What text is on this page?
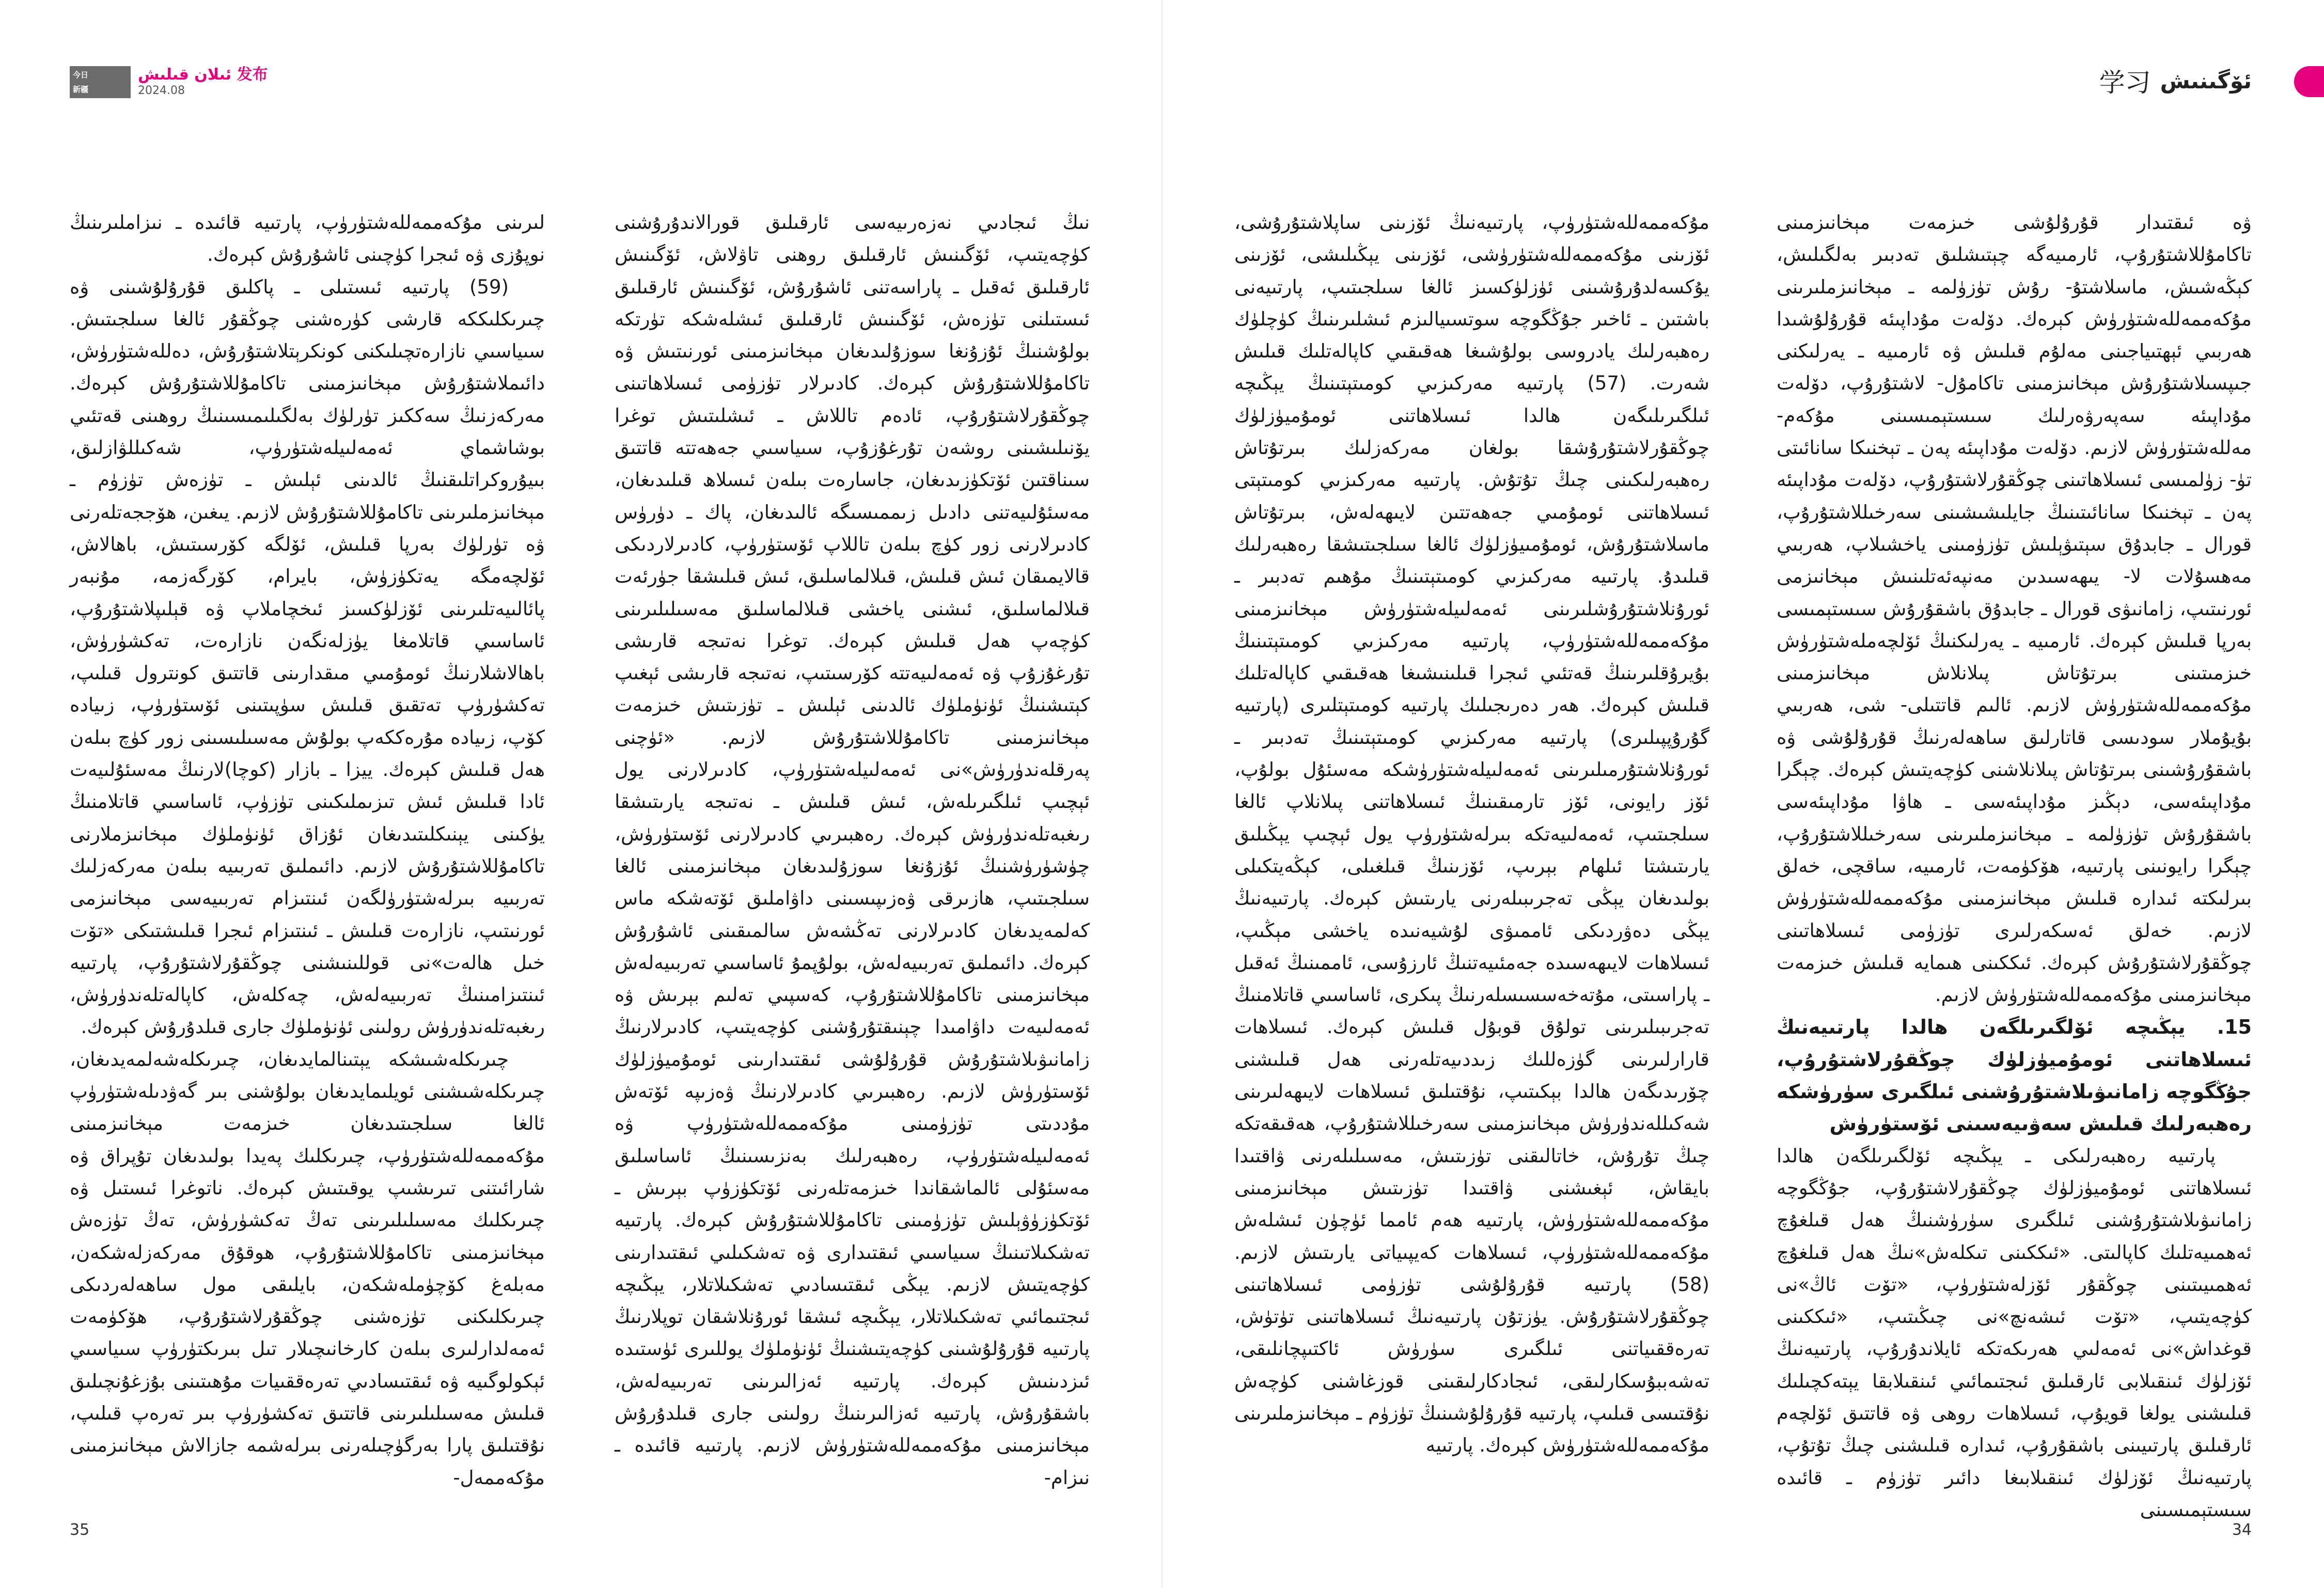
今日
新疆
ئىلان قىلىش 发布
2024.08

نىڭ ئىجادىي نەزەرىيەسى ئارقىلىق قورالاندۇرۇشنى كۈچەيتىپ، ئۆگىنىش ئارقىلىق روھنى تاۋلاش، ئۆگىنىش ئارقىلىق ئەقىل ـ پاراسەتنى ئاشۇرۇش، ئۆگىنىش ئارقىلىق ئىستىلنى تۈزەش، ئۆگىنىش ئارقىلىق ئىشلەشكە تۈرتكە بولۇشنىڭ ئۇزۇنغا سوزۇلىدىغان مېخانىزمىنى ئورنىتىش ۋە تاكامۇللاشتۇرۇش كېرەك. كادىرلار تۈزۈمى ئىسلاھاتىنى چوڭقۇرلاشتۇرۇپ، ئادەم تاللاش ـ ئىشلىتىش توغرا يۆنىلىشىنى روشەن تۇرغۇزۇپ، سىياسىي جەھەتتە قاتتىق سىناقتىن ئۆتكۈزىدىغان، جاسارەت بىلەن ئىسلاھ قىلىدىغان، مەسئۇلىيەتنى دادىل زىممىسىگە ئالىدىغان، پاك ـ دۈرۈس كادىرلارنى زور كۈچ بىلەن تاللاپ ئۆستۈرۈپ، كادىرلاردىكى قالايمىقان ئىش قىلىش، قىلالماسلىق، ئىش قىلىشقا جۈرئەت قىلالماسلىق، ئىشنى ياخشى قىلالماسلىق مەسىلىلىرىنى كۈچەپ ھەل قىلىش كېرەك. توغرا نەتىجە قارىشى تۇرغۇزۇپ ۋە ئەمەلىيەتتە كۆرسىتىپ، نەتىجە قارىشى ئېغىپ كېتىشنىڭ ئۈنۈملۈك ئالدىنى ئېلىش ـ تۈزىتىش خىزمەت مېخانىزمىنى تاكامۇللاشتۇرۇش لازىم. «ئۈچنى پەرقلەندۈرۈش»نى ئەمەلىيلەشتۈرۈپ، كادىرلارنى يول ئېچىپ ئىلگىرىلەش، ئىش قىلىش ـ نەتىجە يارىتىشقا رىغبەتلەندۈرۈش كېرەك. رەھبىرىي كادىرلارنى ئۆستۈرۈش، چۈشۈرۈشنىڭ ئۇزۇنغا سوزۇلىدىغان مېخانىزمىنى ئالغا سىلجىتىپ، ھازىرقى ۋەزىپىسىنى داۋاملىق ئۆتەشكە ماس كەلمەيدىغان كادىرلارنى تەڭشەش سالمىقىنى ئاشۇرۇش كېرەك. دائىملىق تەربىيەلەش، بولۇپمۇ ئاساسىي تەربىيەلەش مېخانىزمىنى تاكامۇللاشتۇرۇپ، كەسپىي تەلىم بېرىش ۋە ئەمەلىيەت داۋامىدا چېنىقتۇرۇشنى كۈچەيتىپ، كادىرلارنىڭ زامانىۋىلاشتۇرۇش قۇرۇلۇشى ئىقتىدارىنى ئومۇميۈزلۈك ئۆستۈرۈش لازىم. رەھبىرىي كادىرلارنىڭ ۋەزىپە ئۆتەش مۇددىتى تۈزۈمىنى مۇكەممەللەشتۈرۈپ ۋە ئەمەلىيلەشتۈرۈپ، رەھبەرلىك بەنزىسىنىڭ ئاساسلىق مەسئۇلى ئالماشقاندا خىزمەتلەرنى ئۆتكۈزۈپ بېرىش ـ ئۆتكۈزۈۋېلىش تۈزۈمىنى تاكامۇللاشتۇرۇش كېرەك. پارتىيە تەشكىلاتىنىڭ سىياسىي ئىقتىدارى ۋە تەشكىلىي ئىقتىدارىنى كۈچەيتىش لازىم. يېڭى ئىقتىسادىي تەشكىلاتلار، يېڭىچە ئىجتىمائىي تەشكىلاتلار، يېڭىچە ئىشقا ئورۇنلاشقان توپلارنىڭ پارتىيە قۇرۇلۇشىنى كۈچەيتىشنىڭ ئۈنۈملۈك يوللىرى ئۈستىدە ئىزدىنىش كېرەك. پارتىيە ئەزالىرىنى تەربىيەلەش، باشقۇرۇش، پارتىيە ئەزالىرىنىڭ رولىنى جارى قىلدۇرۇش مېخانىزمىنى مۇكەممەللەشتۈرۈش لازىم. پارتىيە قائىدە ـ نىزام-

لىرىنى مۇكەممەللەشتۈرۈپ، پارتىيە قائىدە ـ نىزاملىرىنىڭ نوپۇزى ۋە ئىجرا كۈچىنى ئاشۇرۇش كېرەك.

(59) پارتىيە ئىستىلى ـ پاكلىق قۇرۇلۇشىنى ۋە چىرىكلىككە قارشى كۈرەشنى چوڭقۇر ئالغا سىلجىتىش. سىياسىي نازارەتچىلىكنى كونكرېتلاشتۇرۇش، دەللەشتۈرۈش، دائىملاشتۇرۇش مېخانىزمىنى تاكامۇللاشتۇرۇش كېرەك. مەركەزنىڭ سەككىز تۈرلۈك بەلگىلىمىسىنىڭ روھىنى قەتئىي بوشاشماي ئەمەلىيلەشتۈرۈپ، شەكىللۋازلىق، بىيۇروكراتلىقنىڭ ئالدىنى ئېلىش ـ تۈزەش تۈزۈم ـ مېخانىزملىرىنى تاكامۇللاشتۇرۇش لازىم. يىغىن، ھۆججەتلەرنى ۋە تۈرلۈك بەرپا قىلىش، ئۆلگە كۆرسىتىش، باھالاش، ئۆلچەمگە يەتكۈزۈش، بايرام، كۆرگەزمە، مۇنبەر پائالىيەتلىرىنى ئۆزلۈكسىز ئىخچاملاپ ۋە قېلىپلاشتۇرۇپ، ئاساسىي قاتلامغا يۈزلەنگەن نازارەت، تەكشۈرۈش، باھالاشلارنىڭ ئومۇمىي مىقدارىنى قاتتىق كونترول قىلىپ، تەكشۈرۈپ تەتقىق قىلىش سۈپىتىنى ئۆستۈرۈپ، زىيادە كۆپ، زىيادە مۇرەككەپ بولۇش مەسىلىسىنى زور كۈچ بىلەن ھەل قىلىش كېرەك. ييزا ـ بازار (كوچا)لارنىڭ مەسئۇلىيەت ئادا قىلىش ئىش تىزىملىكىنى تۈزۈپ، ئاساسىي قاتلامنىڭ يۈكىنى يېنىكلىتىدىغان ئۇزاق ئۈنۈملۈك مېخانىزملارنى تاكامۇللاشتۇرۇش لازىم. دائىملىق تەربىيە بىلەن مەركەزلىك تەربىيە بىرلەشتۈرۈلگەن ئىنتىزام تەربىيەسى مېخانىزمى ئورنىتىپ، نازارەت قىلىش ـ ئىنتىزام ئىجرا قىلىشتىكى «تۆت خىل ھالەت»نى قوللىنىشنى چوڭقۇرلاشتۇرۇپ، پارتىيە ئىنتىزامىنىڭ تەربىيەلەش، چەكلەش، كاپالەتلەندۈرۈش، رىغبەتلەندۈرۈش رولىنى ئۈنۈملۈك جارى قىلدۇرۇش كېرەك.

چىرىكلەشىشكە يېتىنالمايدىغان، چىرىكلەشەلمەيدىغان، چىرىكلەشىشنى ئويلىمايدىغان بولۇشنى بىر گەۋدىلەشتۈرۈپ ئالغا سىلجىتىدىغان خىزمەت مېخانىزمىنى مۇكەممەللەشتۈرۈپ، چىرىكلىك پەيدا بولىدىغان تۇپراق ۋە شارائىتنى تىرىشىپ يوقىتىش كېرەك. ناتوغرا ئىستىل ۋە چىرىكلىك مەسىلىلىرىنى تەڭ تەكشۈرۈش، تەڭ تۈزەش مېخانىزمىنى تاكامۇللاشتۇرۇپ، ھوقۇق مەركەزلەشكەن، مەبلەغ كۆچۈملەشكەن، بايلىقى مول ساھەلەردىكى چىرىكلىكنى تۈزەشنى چوڭقۇرلاشتۇرۇپ، ھۆكۈمەت ئەمەلدارلىرى بىلەن كارخانىچىلار تىل بىرىكتۈرۈپ سىياسىي ئېكولوگىيە ۋە ئىقتىسادىي تەرەققىيات مۇھىتىنى بۇزغۇنچىلىق قىلىش مەسىلىلىرىنى قاتتىق تەكشۈرۈپ بىر تەرەپ قىلىپ، نۇقتىلىق پارا بەرگۈچىلەرنى بىرلەشمە جازالاش مېخانىزمىنى مۇكەممەل-

35
ئۆگىنىش
学习

ۋە ئىقتىدار قۇرۇلۇشى خىزمەت مېخانىزمىنى تاكامۇللاشتۇرۇپ، ئارمىيەگە چېتىشلىق تەدبىر بەلگىلىش، كېڭەشىش، ماسلاشتۇ- رۇش تۈزۈلمە ـ مېخانىزملىرىنى مۇكەممەللەشتۈرۈش كېرەك. دۆلەت مۇداپىئە قۇرۇلۇشىدا ھەربىي ئېھتىياجىنى مەلۇم قىلىش ۋە ئارمىيە ـ يەرلىكنى جىپسىلاشتۇرۇش مېخانىزمىنى تاكامۇل- لاشتۇرۇپ، دۆلەت مۇداپىئە سەپەرۋەرلىك سىستېمىسىنى مۇكەم- مەللەشتۈرۈش لازىم. دۆلەت مۇداپىئە پەن ـ تېخنىكا سانائىتى تۈ- زۈلمىسى ئىسلاھاتىنى چوڭقۇرلاشتۇرۇپ، دۆلەت مۇداپىئە پەن ـ تېخنىكا سانائىتىنىڭ جايلىشىشىنى سەرخىللاشتۇرۇپ، قورال ـ جابدۇق سېتىۋېلىش تۈزۈمىنى ياخشىلاپ، ھەربىي مەھسۇلات لا- يىھەسىدىن مەنپەئەتلىنىش مېخانىزمى ئورنىتىپ، زامانىۋى قورال ـ جابدۇق باشقۇرۇش سىستېمىسى بەرپا قىلىش كېرەك. ئارمىيە ـ يەرلىكنىڭ ئۆلچەملەشتۈرۈش خىزمىتىنى بىرتۇتاش پىلانلاش مېخانىزمىنى مۇكەممەللەشتۈرۈش لازىم. ئالىم قاتتىلى- شى، ھەربىي بۇيۇملار سودىسى قاتارلىق ساھەلەرنىڭ قۇرۇلۇشى ۋە باشقۇرۇشىنى بىرتۇتاش پىلانلاشنى كۈچەيتىش كېرەك. چېگرا مۇداپىئەسى، دېڭىز مۇداپىئەسى ـ ھاۋا مۇداپىئەسى باشقۇرۇش تۈزۈلمە ـ مېخانىزملىرىنى سەرخىللاشتۇرۇپ، چېگرا رايونىنى پارتىيە، ھۆكۈمەت، ئارمىيە، ساقچى، خەلق بىرلىكتە ئىدارە قىلىش مېخانىزمىنى مۇكەممەللەشتۈرۈش لازىم. خەلق ئەسكەرلىرى تۈزۈمى ئىسلاھاتىنى چوڭقۇرلاشتۇرۇش كېرەك. ئىككىنى ھىمايە قىلىش خىزمەت مېخانىزمىنى مۇكەممەللەشتۈرۈش لازىم.

15. يېڭىچە ئۆلگىرىلگەن ھالدا پارتىيەنىڭ ئىسلاھاتنى ئومۇميۈزلۈك چوڭقۇرلاشتۇرۇپ، جۇڭگوچە زامانىۋىلاشتۇرۇشنى ئىلگىرى سۈرۈشكە رەھبەرلىك قىلىش سەۋىيەسىنى ئۆستۈرۈش

پارتىيە رەھبەرلىكى ـ يېڭىچە ئۆلگىرىلگەن ھالدا ئىسلاھاتنى ئومۇميۈزلۈك چوڭقۇرلاشتۇرۇپ، جۇڭگوچە زامانىۋىلاشتۇرۇشنى ئىلگىرى سۈرۈشنىڭ ھەل قىلغۇچ ئەھمىيەتلىك كاپالىتى. «ئىككىنى تىكلەش»نىڭ ھەل قىلغۇچ ئەھمىيىتىنى چوڭقۇر ئۆزلەشتۈرۈپ، «تۆت ئاڭ»نى كۈچەيتىپ، «تۆت ئىشەنچ»نى چىڭىتىپ، «ئىككىنى قوغداش»نى ئەمەلىي ھەرىكەتكە ئايلاندۇرۇپ، پارتىيەنىڭ ئۆزلۈك ئىنقىلابى ئارقىلىق ئىجتىمائىي ئىنقىلابقا يېتەكچىلىك قىلىشنى يولغا قويۇپ، ئىسلاھات روھى ۋە قاتتىق ئۆلچەم ئارقىلىق پارتىيىنى باشقۇرۇپ، ئىدارە قىلىشنى چىڭ تۇتۇپ، پارتىيەنىڭ ئۆزلۈك ئىنقىلابىغا دائىر تۈزۈم ـ قائىدە سىستېمىسىنى

مۇكەممەللەشتۈرۈپ، پارتىيەنىڭ ئۆزىنى ساپلاشتۇرۇشى، ئۆزىنى مۇكەممەللەشتۈرۈشى، ئۆزىنى يېڭىلىشى، ئۆزىنى يۇكسەلدۇرۇشىنى ئۈزلۈكسىز ئالغا سىلجىتىپ، پارتىيەنى باشتىن ـ ئاخىر جۇڭگوچە سوتسىيالىزم ئىشلىرىنىڭ كۈچلۈك رەھبەرلىك يادروسى بولۇشىغا ھەقىقىي كاپالەتلىك قىلىش شەرت. (57) پارتىيە مەركىزىي كومىتېتىنىڭ يېڭىچە ئىلگىرىلىگەن ھالدا ئىسلاھاتنى ئومۇميۈزلۈك چوڭقۇرلاشتۇرۇشقا بولغان مەركەزلىك بىرتۇتاش رەھبەرلىكىنى چىڭ تۇتۇش. پارتىيە مەركىزىي كومىتېتى ئىسلاھاتنى ئومۇمىي جەھەتتىن لايىھەلەش، بىرتۇتاش ماسلاشتۇرۇش، ئومۇمىيۈزلۈك ئالغا سىلجىتىشقا رەھبەرلىك قىلىدۇ. پارتىيە مەركىزىي كومىتېتىنىڭ مۇھىم تەدبىر ـ ئورۇنلاشتۇرۇشلىرىنى ئەمەلىيلەشتۈرۈش مېخانىزمىنى مۇكەممەللەشتۈرۈپ، پارتىيە مەركىزىي كومىتېتىنىڭ بۇيرۇقلىرىنىڭ قەتئىي ئىجرا قىلىنىشىغا ھەقىقىي كاپالەتلىك قىلىش كېرەك. ھەر دەرىجىلىك پارتىيە كومىتېتلىرى (پارتىيە گۇرۇپپىلىرى) پارتىيە مەركىزىي كومىتېتىنىڭ تەدبىر ـ ئورۇنلاشتۇرمىلىرىنى ئەمەلىيلەشتۈرۈشكە مەسئۇل بولۇپ، ئۆز رايونى، ئۆز تارمىقىنىڭ ئىسلاھاتنى پىلانلاپ ئالغا سىلجىتىپ، ئەمەلىيەتكە بىرلەشتۈرۈپ يول ئېچىپ يېڭىلىق يارىتىشتا ئىلھام بېرىپ، ئۆزىنىڭ قىلغىلى، كېڭەيتكىلى بولىدىغان يېڭى تەجرىبىلەرنى يارىتىش كېرەك. پارتىيەنىڭ يېڭى دەۋردىكى ئاممىۋى لۇشيەنىدە ياخشى مېڭىپ، ئىسلاھات لايىھەسىدە جەمئىيەتنىڭ ئارزۇسى، ئاممىنىڭ ئەقىل ـ پاراسىتى، مۇتەخەسسىسلەرنىڭ پىكرى، ئاساسىي قاتلامنىڭ تەجرىبىلىرىنى تولۇق قوبۇل قىلىش كېرەك. ئىسلاھات قارارلىرىنى گۈزەللىك زىددىيەتلەرنى ھەل قىلىشنى چۆرىدىگەن ھالدا بېكىتىپ، نۇقتىلىق ئىسلاھات لايىھەلىرىنى شەكىللەندۈرۈش مېخانىزمىنى سەرخىللاشتۇرۇپ، ھەقىقەتكە چىڭ تۇرۇش، خاتالىقنى تۈزىتىش، مەسىلىلەرنى ۋاقتىدا بايقاش، ئېغىشنى ۋاقتىدا تۈزىتىش مېخانىزمىنى مۇكەممەللەشتۈرۈش، پارتىيە ھەم ئامما ئۈچۈن ئىشلەش مۇكەممەللەشتۈرۈپ، ئىسلاھات كەيپىياتى يارىتىش لازىم. (58) پارتىيە قۇرۇلۇشى تۈزۈمى ئىسلاھاتىنى چوڭقۇرلاشتۇرۇش. يۈزتۇن پارتىيەنىڭ ئىسلاھاتىنى تۈتۈش، تەرەققىياتنى ئىلگىرى سۈرۈش ئاكتىپچانلىقى، تەشەببۇسكارلىقى، ئىجادكارلىقىنى قوزغاشنى كۈچەش نۇقتىسى قىلىپ، پارتىيە قۇرۇلۇشىنىڭ تۈزۈم ـ مېخانىزملىرىنى مۇكەممەللەشتۈرۈش كېرەك. پارتىيە

34
